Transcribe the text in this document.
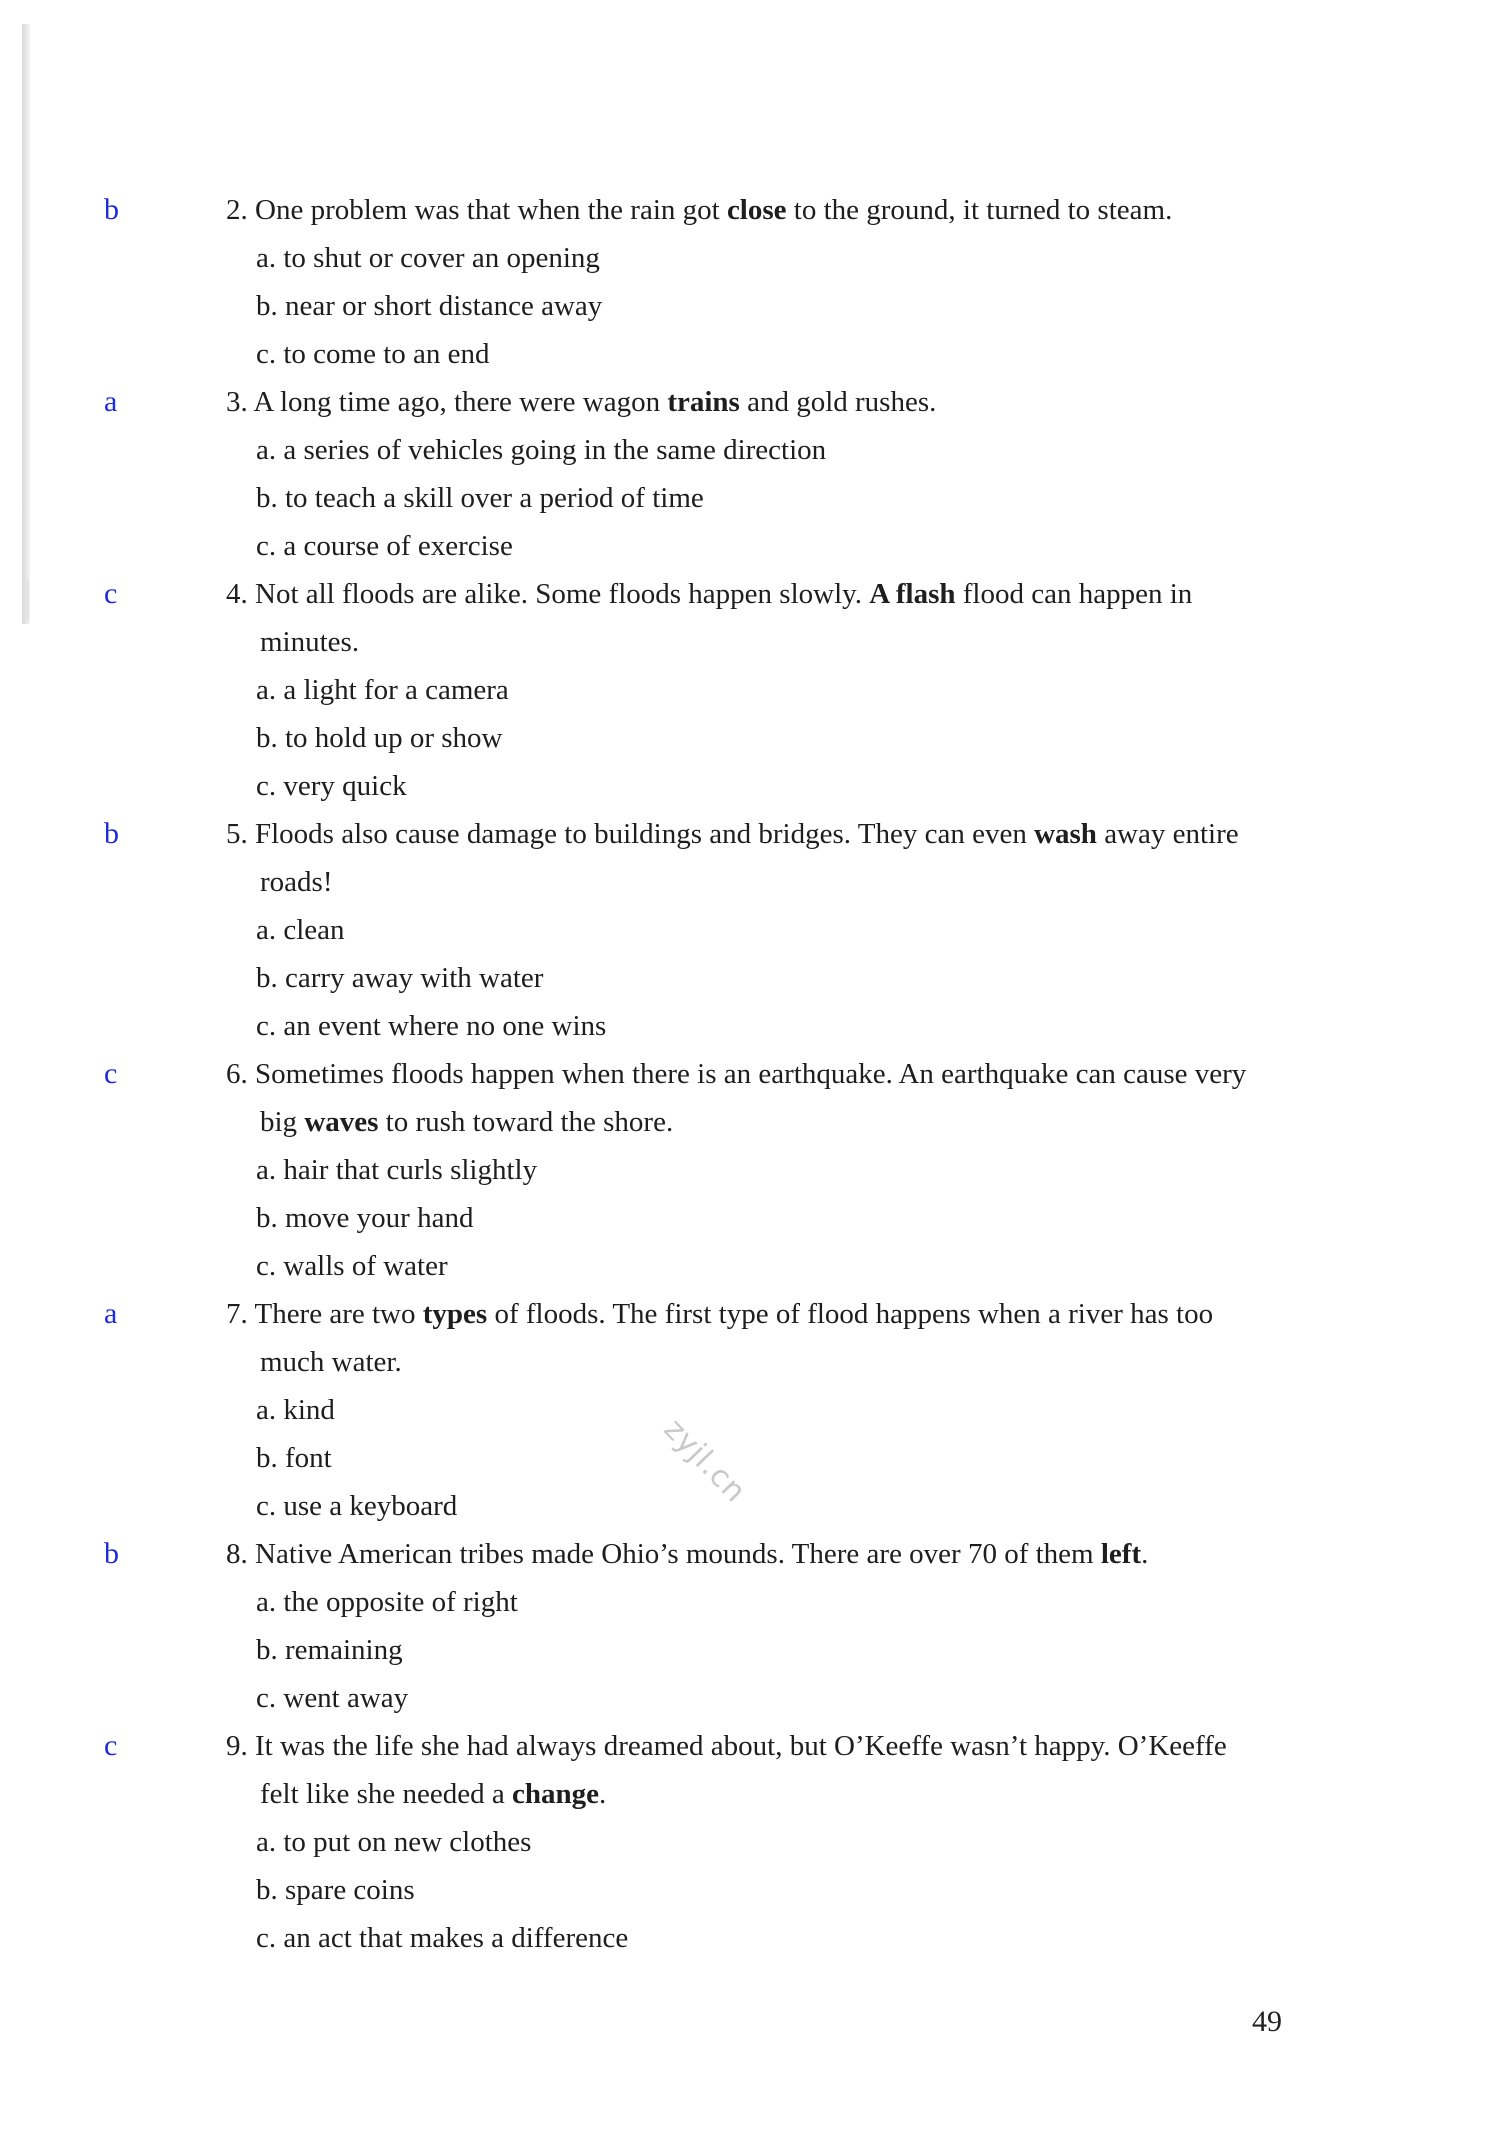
b	2. One problem was that when the rain got close to the ground, it turned to steam.
a. to shut or cover an opening
b. near or short distance away
c. to come to an end
a	3. A long time ago, there were wagon trains and gold rushes.
a. a series of vehicles going in the same direction
b. to teach a skill over a period of time
c. a course of exercise
c	4. Not all floods are alike. Some floods happen slowly. A flash flood can happen in
minutes.
a. a light for a camera
b. to hold up or show
c. very quick
b	5. Floods also cause damage to buildings and bridges. They can even wash away entire
roads!
a. clean
b. carry away with water
c. an event where no one wins
c	6. Sometimes floods happen when there is an earthquake. An earthquake can cause very
big waves to rush toward the shore.
a. hair that curls slightly
b. move your hand
c. walls of water
a	7. There are two types of floods. The first type of flood happens when a river has too
much water.
a. kind
b. font
c. use a keyboard
b	8. Native American tribes made Ohio’s mounds. There are over 70 of them left.
a. the opposite of right
b. remaining
c. went away
c	9. It was the life she had always dreamed about, but O’Keeffe wasn’t happy. O’Keeffe
felt like she needed a change.
a. to put on new clothes
b. spare coins
c. an act that makes a difference
zyjl.cn
49
